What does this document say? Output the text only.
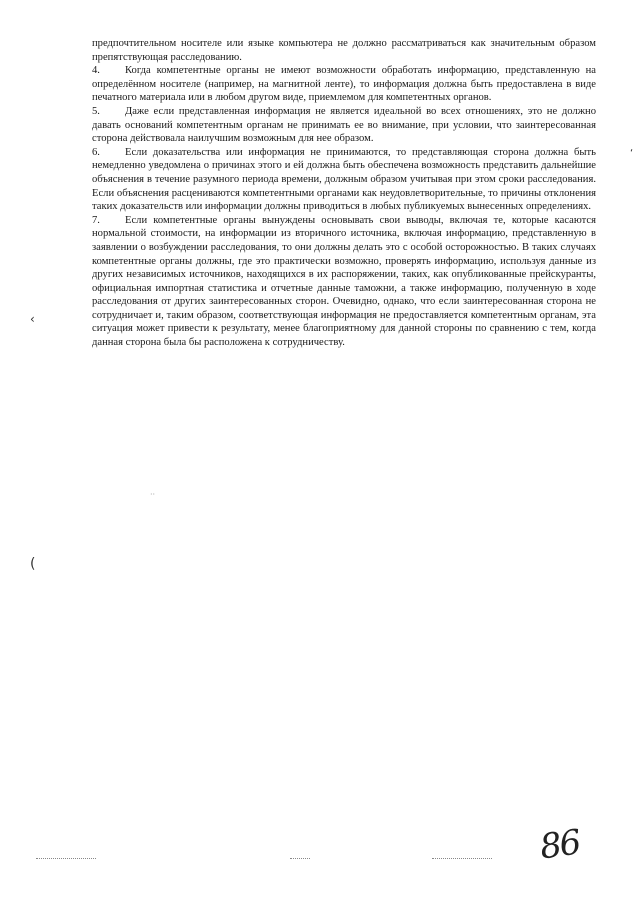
предпочтительном носителе или языке компьютера не должно рассматриваться как значительным образом препятствующая расследованию.

4. Когда компетентные органы не имеют возможности обработать информацию, представленную на определённом носителе (например, на магнитной ленте), то информация должна быть предоставлена в виде печатного материала или в любом другом виде, приемлемом для компетентных органов.

5. Даже если представленная информация не является идеальной во всех отношениях, это не должно давать оснований компетентным органам не принимать ее во внимание, при условии, что заинтересованная сторона действовала наилучшим возможным для нее образом.

6. Если доказательства или информация не принимаются, то представляющая сторона должна быть немедленно уведомлена о причинах этого и ей должна быть обеспечена возможность представить дальнейшие объяснения в течение разумного периода времени, должным образом учитывая при этом сроки расследования. Если объяснения расцениваются компетентными органами как неудовлетворительные, то причины отклонения таких доказательств или информации должны приводиться в любых публикуемых вынесенных определениях.

7. Если компетентные органы вынуждены основывать свои выводы, включая те, которые касаются нормальной стоимости, на информации из вторичного источника, включая информацию, представленную в заявлении о возбуждении расследования, то они должны делать это с особой осторожностью. В таких случаях компетентные органы должны, где это практически возможно, проверять информацию, используя данные из других независимых источников, находящихся в их распоряжении, таких, как опубликованные прейскуранты, официальная импортная статистика и отчетные данные таможни, а также информацию, полученную в ходе расследования от других заинтересованных сторон. Очевидно, однако, что если заинтересованная сторона не сотрудничает и, таким образом, соответствующая информация не предоставляется компетентным органам, эта ситуация может привести к результату, менее благоприятному для данной стороны по сравнению с тем, когда данная сторона была бы расположена к сотрудничеству.

‹
(
‘
··
86
